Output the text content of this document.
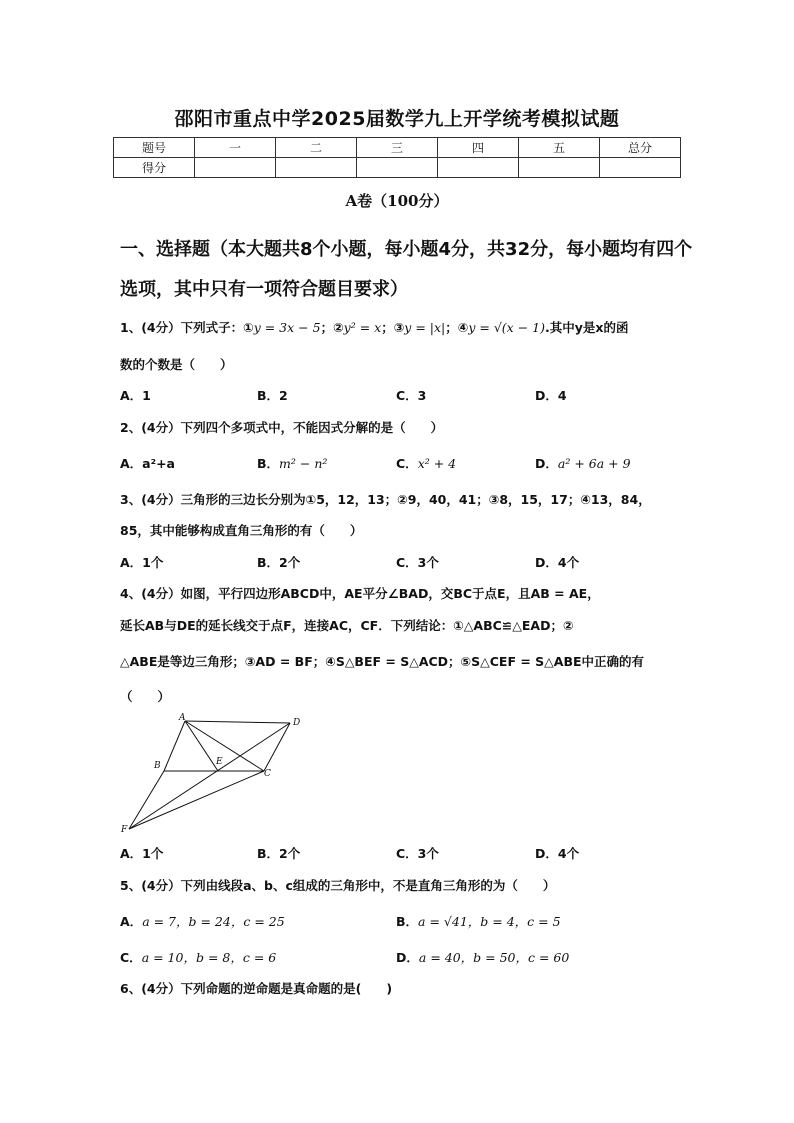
邵阳市重点中学2025届数学九上开学统考模拟试题
题号	一	二	三	四	五	总分
得分						
A卷（100分）
一、选择题（本大题共8个小题，每小题4分，共32分，每小题均有四个选项，其中只有一项符合题目要求）
1、(4分）下列式子：①y = 3x − 5；②y² = x；③y = |x|；④y = √(x − 1).其中y是x的函
数的个数是（　　）
A．1	B．2	C．3	D．4
2、(4分）下列四个多项式中，不能因式分解的是（　　）
A．a²+a	B．m² − n²	C．x² + 4	D．a² + 6a + 9
3、(4分）三角形的三边长分别为①5，12，13；②9，40，41；③8，15，17；④13，84，
85，其中能够构成直角三角形的有（　　）
A．1个	B．2个	C．3个	D．4个
4、(4分）如图，平行四边形ABCD中，AE平分∠BAD，交BC于点E，且AB = AE，
延长AB与DE的延长线交于点F，连接AC，CF．下列结论：①△ABC≌△EAD；②
△ABE是等边三角形；③AD = BF；④S△BEF = S△ACD；⑤S△CEF = S△ABE中正确的有
（　　）
A	D
B	E
C
F
A．1个	B．2个	C．3个	D．4个
5、(4分）下列由线段a、b、c组成的三角形中，不是直角三角形的为（　　）
A．a = 7，b = 24，c = 25	B．a = √41，b = 4，c = 5
C．a = 10，b = 8，c = 6	D．a = 40，b = 50，c = 60
6、(4分）下列命题的逆命题是真命题的是(　　)
